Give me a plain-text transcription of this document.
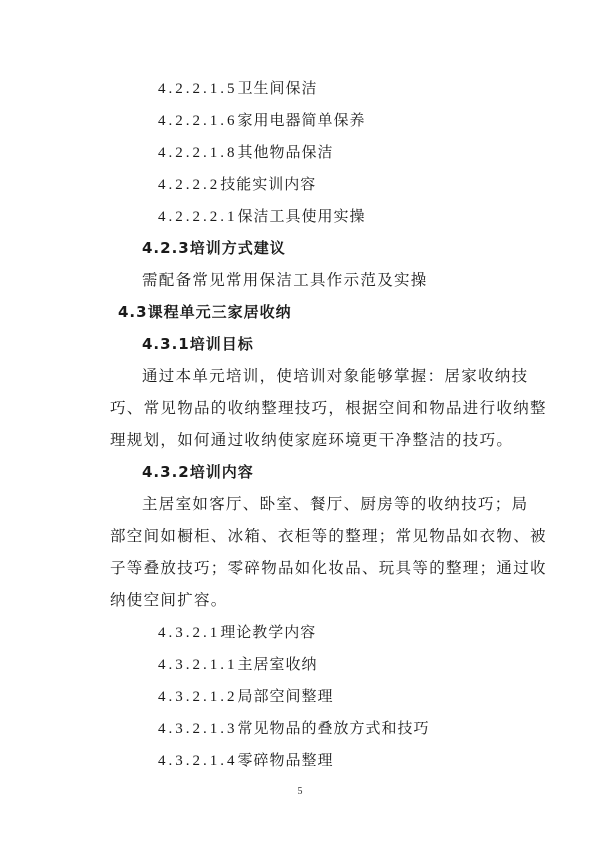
4.2.2.1.5卫生间保洁
4.2.2.1.6家用电器简单保养
4.2.2.1.8其他物品保洁
4.2.2.2技能实训内容
4.2.2.2.1保洁工具使用实操
4.2.3培训方式建议
需配备常见常用保洁工具作示范及实操
4.3课程单元三家居收纳
4.3.1培训目标
通过本单元培训，使培训对象能够掌握：居家收纳技
巧、常见物品的收纳整理技巧，根据空间和物品进行收纳整
理规划，如何通过收纳使家庭环境更干净整洁的技巧。
4.3.2培训内容
主居室如客厅、卧室、餐厅、厨房等的收纳技巧；局
部空间如橱柜、冰箱、衣柜等的整理；常见物品如衣物、被
子等叠放技巧；零碎物品如化妆品、玩具等的整理；通过收
纳使空间扩容。
4.3.2.1理论教学内容
4.3.2.1.1主居室收纳
4.3.2.1.2局部空间整理
4.3.2.1.3常见物品的叠放方式和技巧
4.3.2.1.4零碎物品整理
5
